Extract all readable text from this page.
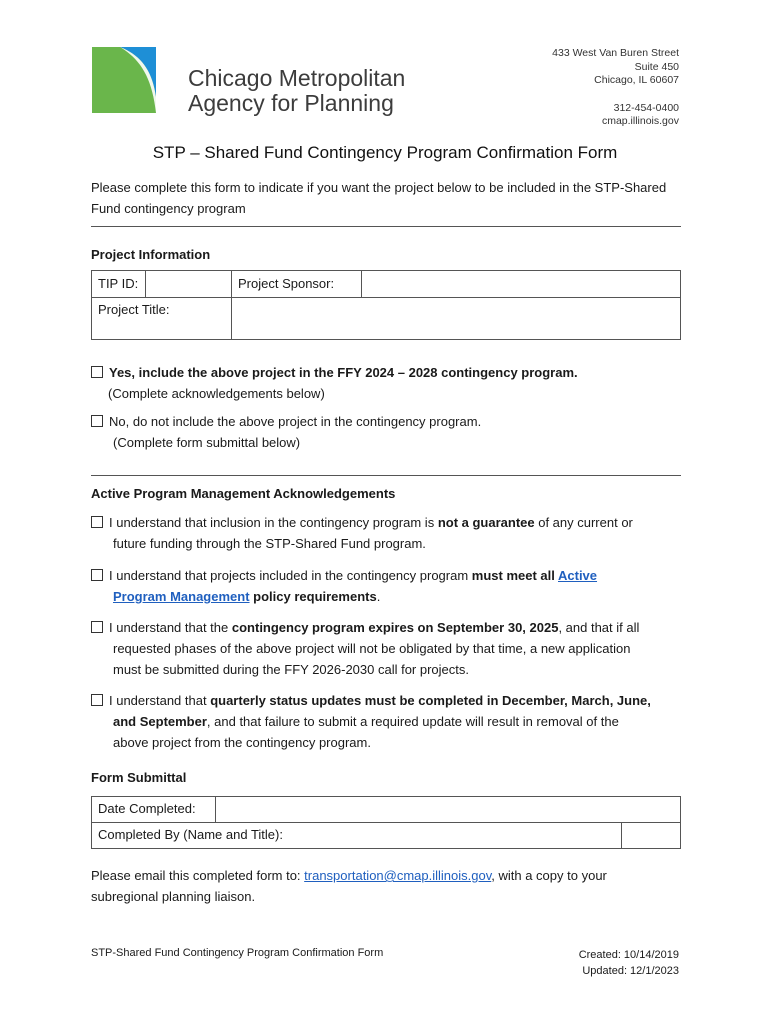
Chicago Metropolitan
Agency for Planning
433 West Van Buren Street
Suite 450
Chicago, IL 60607
312-454-0400
cmap.illinois.gov
STP – Shared Fund Contingency Program Confirmation Form
Please complete this form to indicate if you want the project below to be included in the STP-Shared Fund contingency program
Project Information
TIP ID:		Project Sponsor:	
Project Title:			
Yes, include the above project in the FFY 2024 – 2028 contingency program.
(Complete acknowledgements below)
No, do not include the above project in the contingency program.
(Complete form submittal below)
Active Program Management Acknowledgements
I understand that inclusion in the contingency program is not a guarantee of any current or
future funding through the STP-Shared Fund program.
I understand that projects included in the contingency program must meet all Active
Program Management policy requirements.
I understand that the contingency program expires on September 30, 2025, and that if all
requested phases of the above project will not be obligated by that time, a new application
must be submitted during the FFY 2026-2030 call for projects.
I understand that quarterly status updates must be completed in December, March, June,
and September, and that failure to submit a required update will result in removal of the
above project from the contingency program.
Form Submittal
Date Completed:		
Completed By (Name and Title):		
Please email this completed form to: transportation@cmap.illinois.gov, with a copy to your
subregional planning liaison.
STP-Shared Fund Contingency Program Confirmation Form	Created: 10/14/2019
Updated: 12/1/2023
